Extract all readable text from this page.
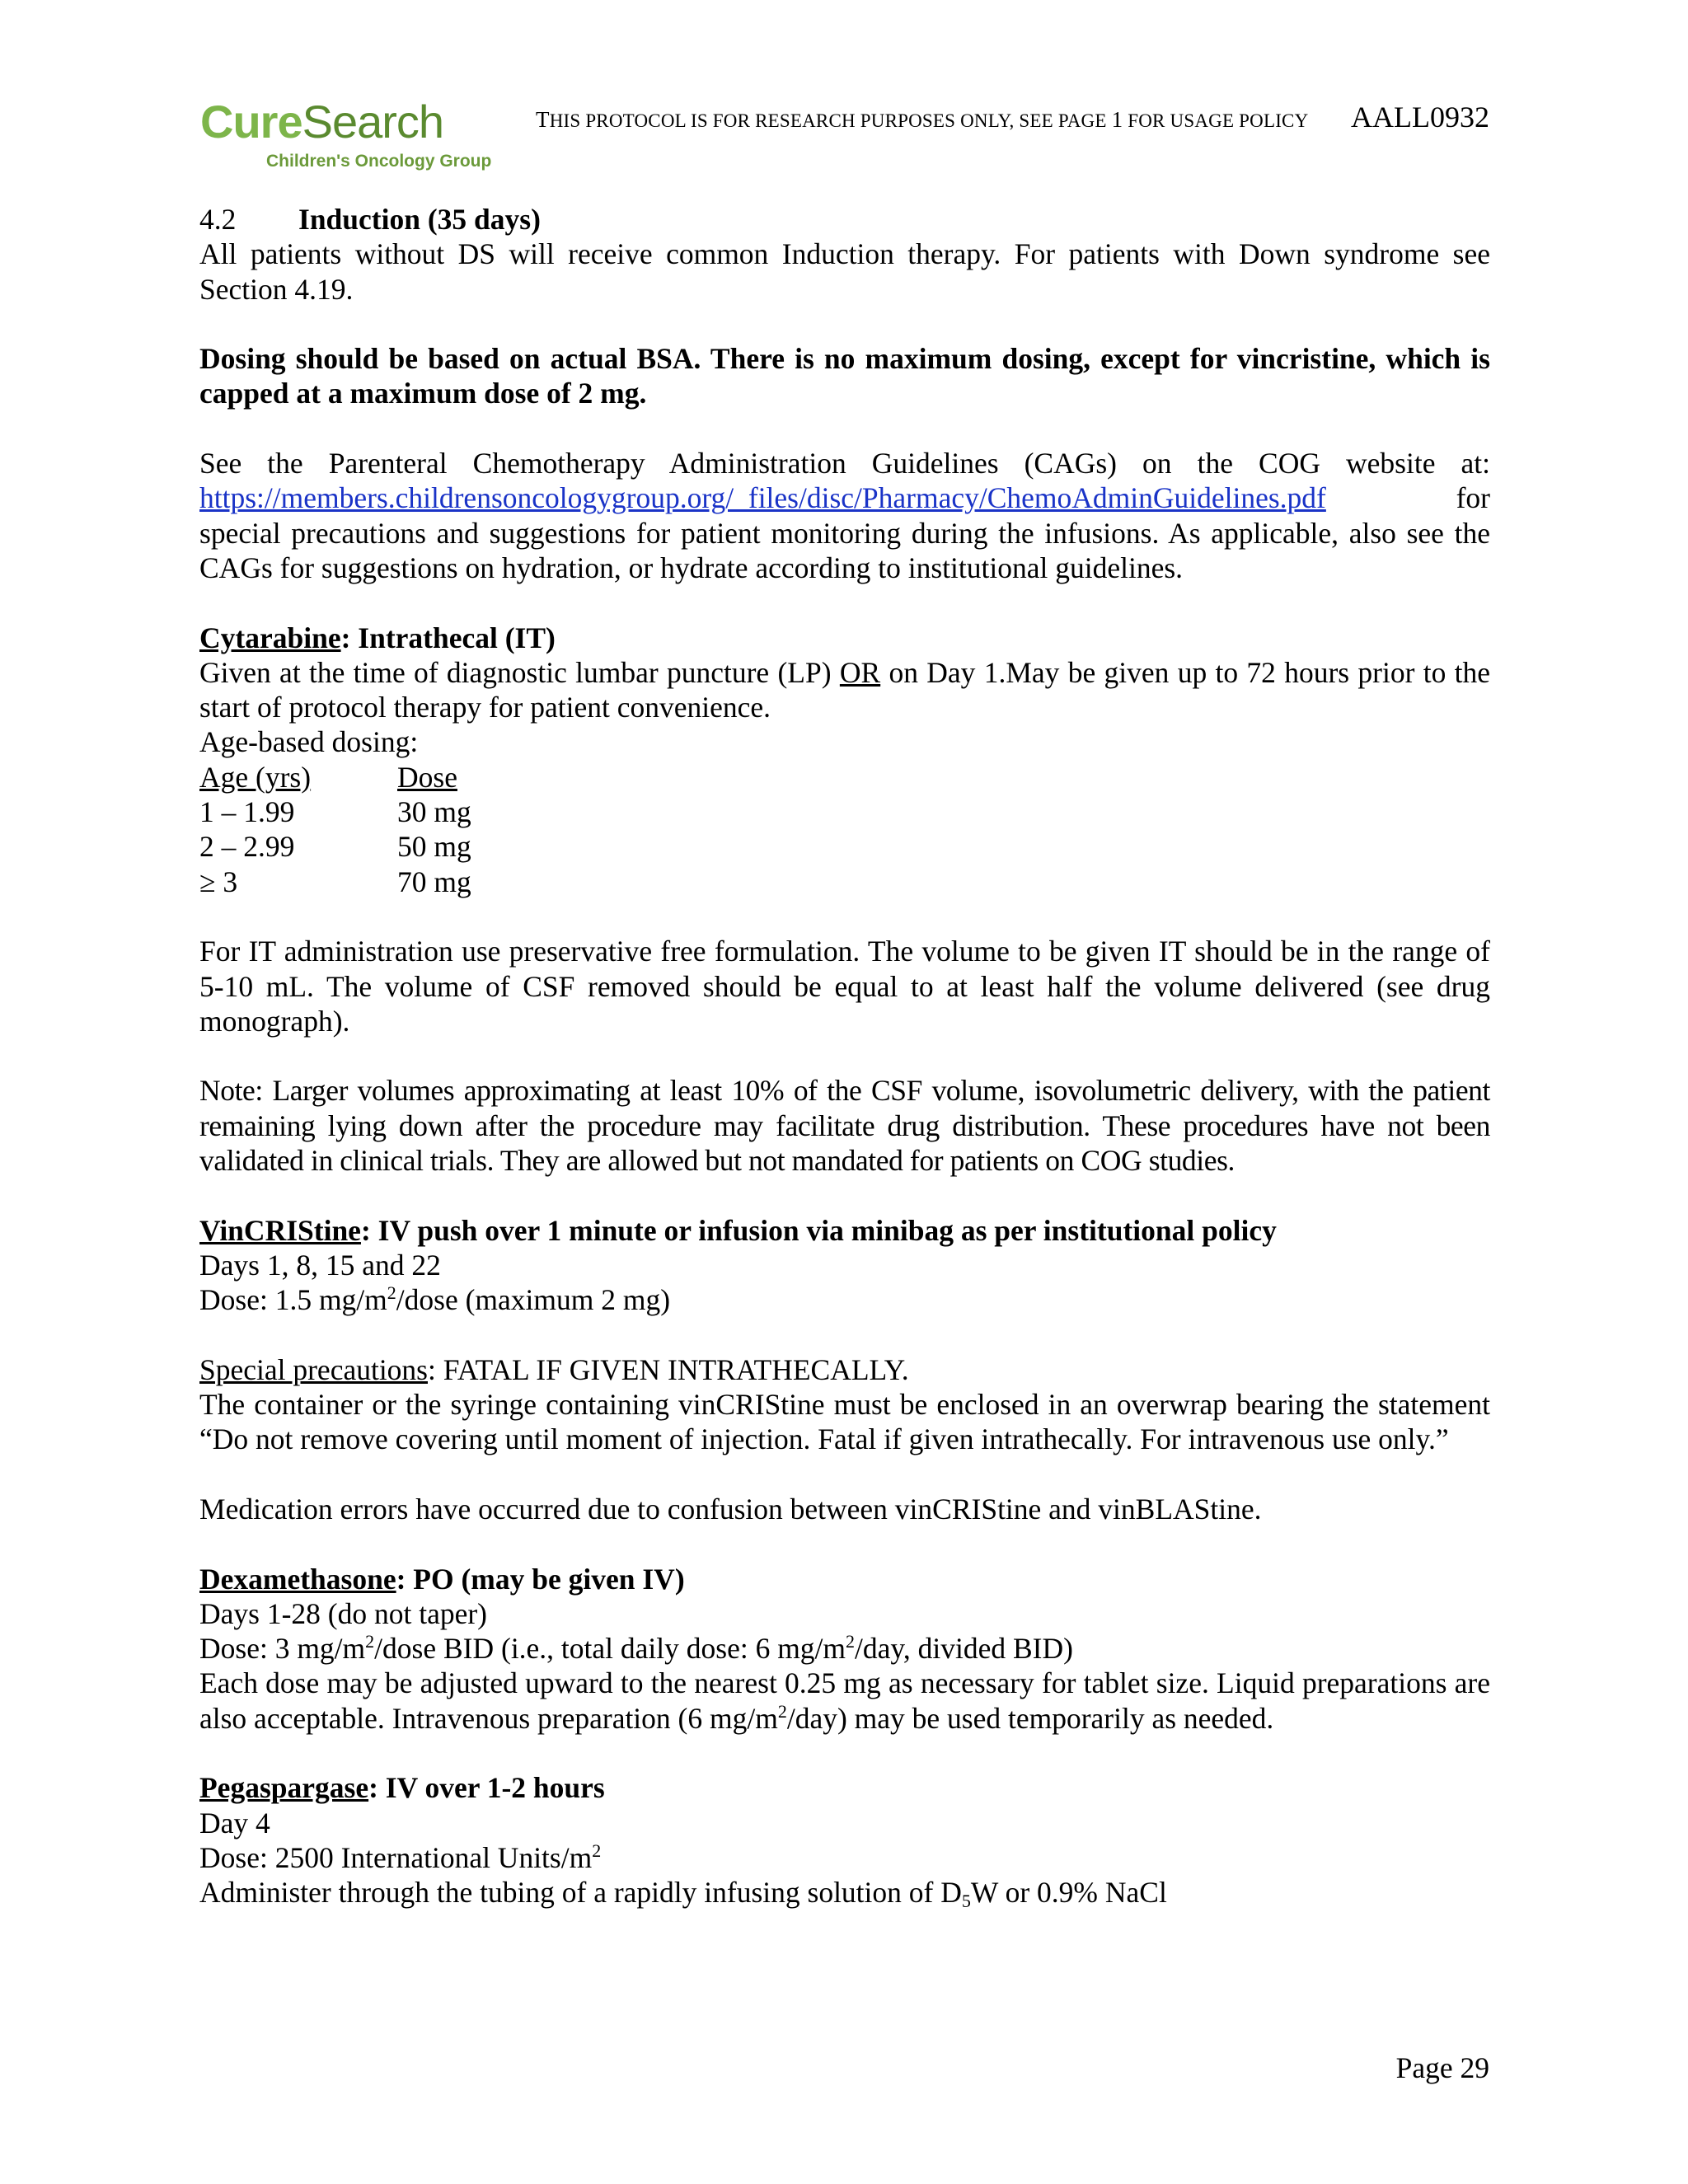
CureSearch
Children's Oncology Group
THIS PROTOCOL IS FOR RESEARCH PURPOSES ONLY, SEE PAGE 1 FOR USAGE POLICY AALL0932

4.2 Induction (35 days)

All patients without DS will receive common Induction therapy. For patients with Down syndrome see Section 4.19.

Dosing should be based on actual BSA. There is no maximum dosing, except for vincristine, which is capped at a maximum dose of 2 mg.

See the Parenteral Chemotherapy Administration Guidelines (CAGs) on the COG website at:

https://members.childrensoncologygroup.org/_files/disc/Pharmacy/ChemoAdminGuidelines.pdf	for

special precautions and suggestions for patient monitoring during the infusions. As applicable, also see the CAGs for suggestions on hydration, or hydrate according to institutional guidelines.

Cytarabine: Intrathecal (IT)

Given at the time of diagnostic lumbar puncture (LP) OR on Day 1.May be given up to 72 hours prior to the start of protocol therapy for patient convenience.

Age-based dosing:

Age (yrs)	Dose
1 – 1.99	30 mg
2 – 2.99	50 mg
≥ 3	70 mg

For IT administration use preservative free formulation. The volume to be given IT should be in the range of 5-10 mL. The volume of CSF removed should be equal to at least half the volume delivered (see drug monograph).

Note: Larger volumes approximating at least 10% of the CSF volume, isovolumetric delivery, with the patient remaining lying down after the procedure may facilitate drug distribution. These procedures have not been validated in clinical trials. They are allowed but not mandated for patients on COG studies.

VinCRIStine: IV push over 1 minute or infusion via minibag as per institutional policy

Days 1, 8, 15 and 22

Dose: 1.5 $mg/m^2$/dose (maximum 2 mg)

Special precautions: FATAL IF GIVEN INTRATHECALLY.

The container or the syringe containing vinCRIStine must be enclosed in an overwrap bearing the statement “Do not remove covering until moment of injection. Fatal if given intrathecally. For intravenous use only.”

Medication errors have occurred due to confusion between vinCRIStine and vinBLAStine.

Dexamethasone: PO (may be given IV)

Days 1-28 (do not taper)

Dose: 3 $mg/m^2$/dose BID (i.e., total daily dose: 6 $mg/m^2$/day, divided BID)

Each dose may be adjusted upward to the nearest 0.25 mg as necessary for tablet size. Liquid preparations are also acceptable. Intravenous preparation (6 $mg/m^2/day$) may be used temporarily as needed.

Pegaspargase: IV over 1-2 hours

Day 4

Dose: 2500 International Units/$m^2$

Administer through the tubing of a rapidly infusing solution of $D_5W$ or 0.9% NaCl

Page 29
